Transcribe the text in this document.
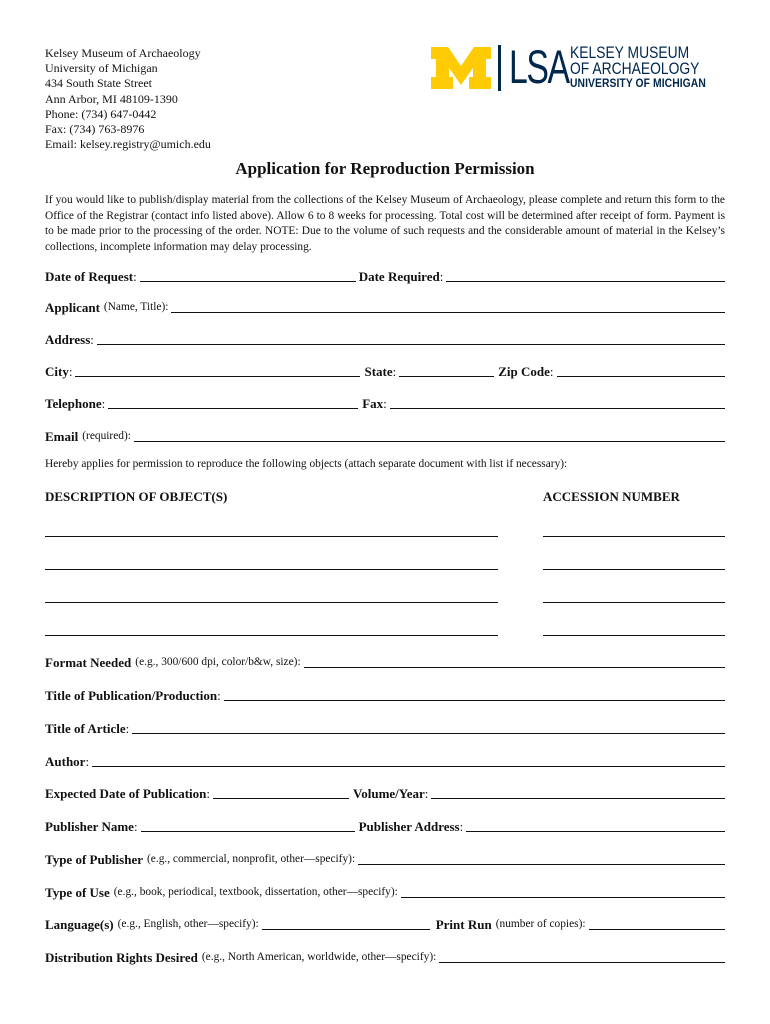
Kelsey Museum of Archaeology
University of Michigan
434 South State Street
Ann Arbor, MI 48109-1390
Phone: (734) 647-0442
Fax: (734) 763-8976
Email: kelsey.registry@umich.edu
LSA KELSEY MUSEUM
OF ARCHAEOLOGY
UNIVERSITY OF MICHIGAN
Application for Reproduction Permission
If you would like to publish/display material from the collections of the Kelsey Museum of Archaeology, please complete and return this form to the Office of the Registrar (contact info listed above). Allow 6 to 8 weeks for processing. Total cost will be determined after receipt of form. Payment is to be made prior to the processing of the order. NOTE: Due to the volume of such requests and the considerable amount of material in the Kelsey’s collections, incomplete information may delay processing.
Date of Request :	Date Required :
Applicant (Name, Title):
Address :
City :	State :	Zip Code :
Telephone :	Fax :
Email (required):
Hereby applies for permission to reproduce the following objects (attach separate document with list if necessary):
DESCRIPTION OF OBJECT(S)	ACCESSION NUMBER
Format Needed (e.g., 300/600 dpi, color/b&w, size):
Title of Publication/Production :
Title of Article :
Author :
Expected Date of Publication :	Volume/Year :
Publisher Name :	Publisher Address :
Type of Publisher (e.g., commercial, nonprofit, other—specify):
Type of Use (e.g., book, periodical, textbook, dissertation, other—specify):
Language(s) (e.g., English, other—specify):	Print Run (number of copies):
Distribution Rights Desired (e.g., North American, worldwide, other—specify):
